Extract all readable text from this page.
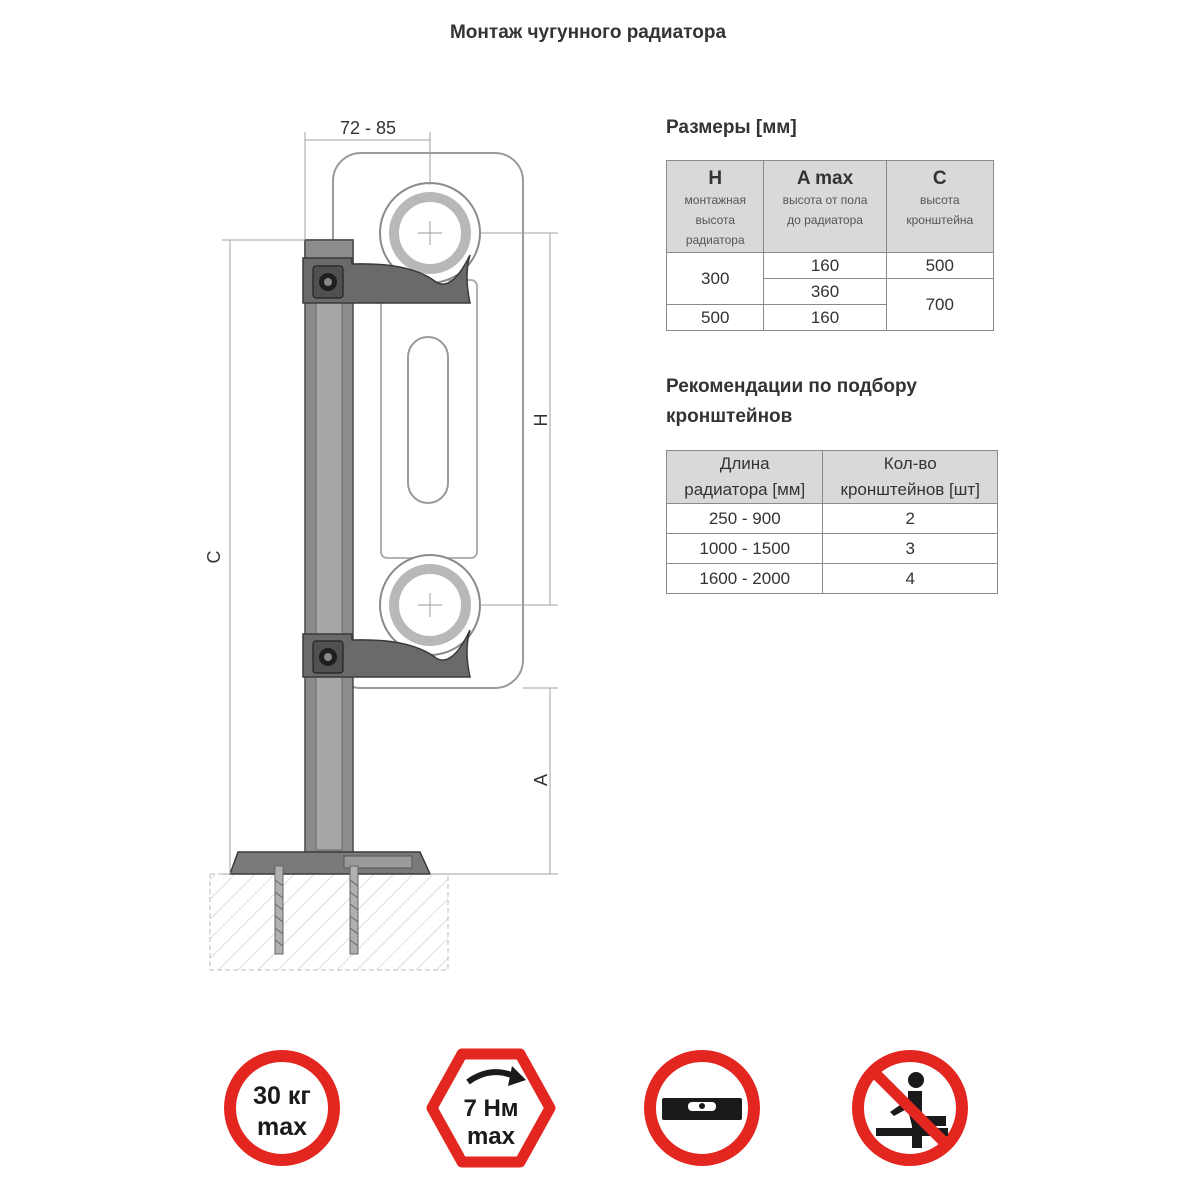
Монтаж чугунного радиатора
72 - 85
C
H
A
Размеры [мм]
H
монтажная
высота
радиатора	A max
высота от пола
до радиатора	C
высота
кронштейна

300	160	500
	360	700
500	160	
Рекомендации по подбору
кронштейнов
Длина
радиатора [мм]	Кол-во
кронштейнов [шт]

250 - 900	2
1000 - 1500	3
1600 - 2000	4
30 кг
max
7 Нм
max
